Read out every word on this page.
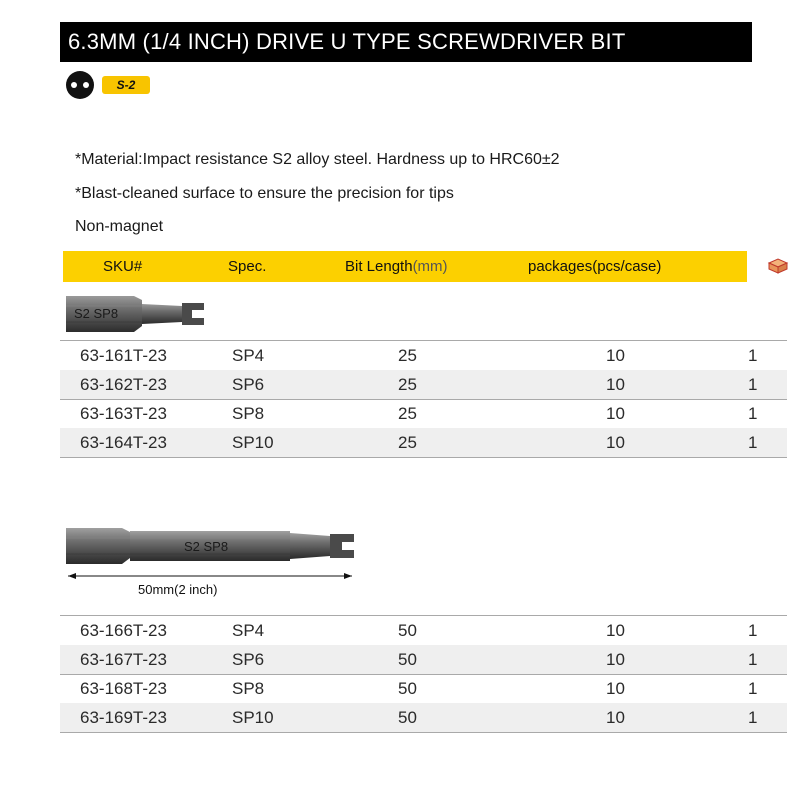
6.3MM (1/4 INCH) DRIVE U TYPE SCREWDRIVER BIT
S-2
*Material:Impact resistance S2 alloy steel. Hardness up to HRC60±2
*Blast-cleaned surface to ensure the precision for tips
Non-magnet
SKU#	Spec.	Bit Length(mm)	packages(pcs/case)
S2 SP8
63-161T-23	SP4	25	10	1
63-162T-23	SP6	25	10	1
63-163T-23	SP8	25	10	1
63-164T-23	SP10	25	10	1
S2 SP8
50mm(2 inch)
63-166T-23	SP4	50	10	1
63-167T-23	SP6	50	10	1
63-168T-23	SP8	50	10	1
63-169T-23	SP10	50	10	1
